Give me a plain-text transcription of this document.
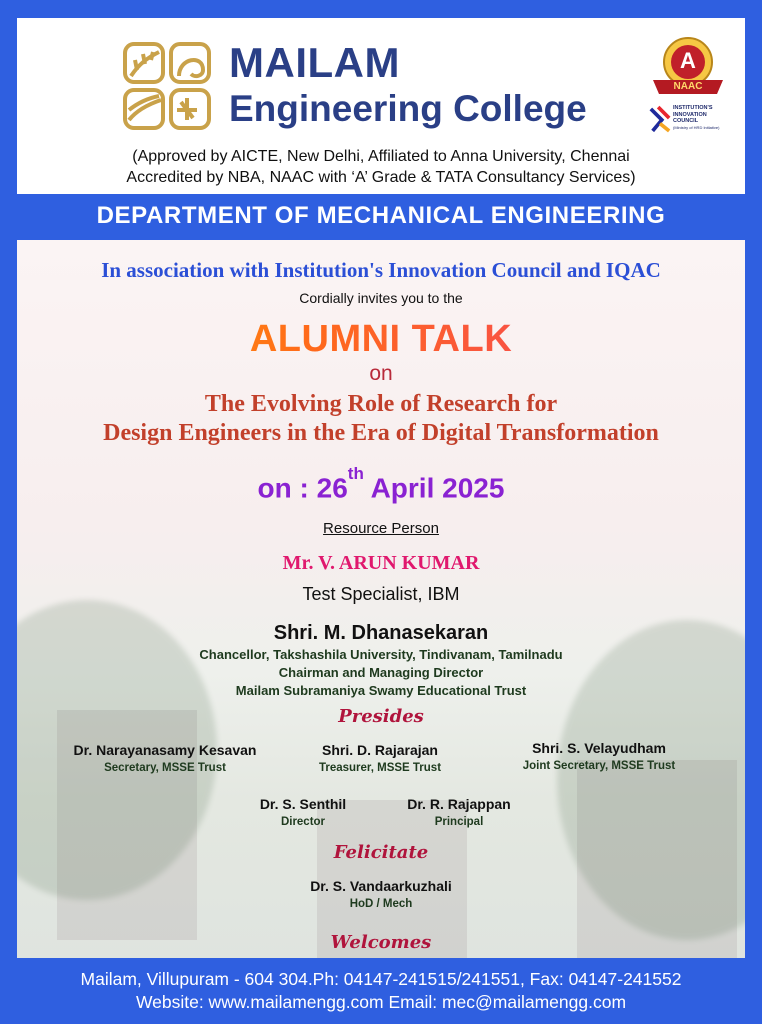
MAILAM
Engineering College
A
NAAC
INSTITUTION'S INNOVATION COUNCIL
(Ministry of HRD Initiative)
(Approved by AICTE, New Delhi, Affiliated to Anna University, Chennai
Accredited by NBA, NAAC with ‘A’ Grade & TATA Consultancy Services)
DEPARTMENT OF MECHANICAL ENGINEERING
In association with Institution's Innovation Council and IQAC
Cordially invites you to the
ALUMNI TALK
on
The Evolving Role of Research for
Design Engineers in the Era of Digital Transformation
on : 26th April 2025
Resource Person
Mr. V. ARUN KUMAR
Test Specialist, IBM
Shri. M. Dhanasekaran
Chancellor, Takshashila University, Tindivanam, Tamilnadu
Chairman and Managing Director
Mailam Subramaniya Swamy Educational Trust
Presides
Dr. Narayanasamy Kesavan
Secretary, MSSE Trust
Shri. D. Rajarajan
Treasurer, MSSE Trust
Shri. S. Velayudham
Joint Secretary, MSSE Trust
Dr. S. Senthil
Director
Dr. R. Rajappan
Principal
Felicitate
Dr. S. Vandaarkuzhali
HoD / Mech
Welcomes
Mailam, Villupuram - 604 304.Ph: 04147-241515/241551, Fax: 04147-241552
Website: www.mailamengg.com Email: mec@mailamengg.com
